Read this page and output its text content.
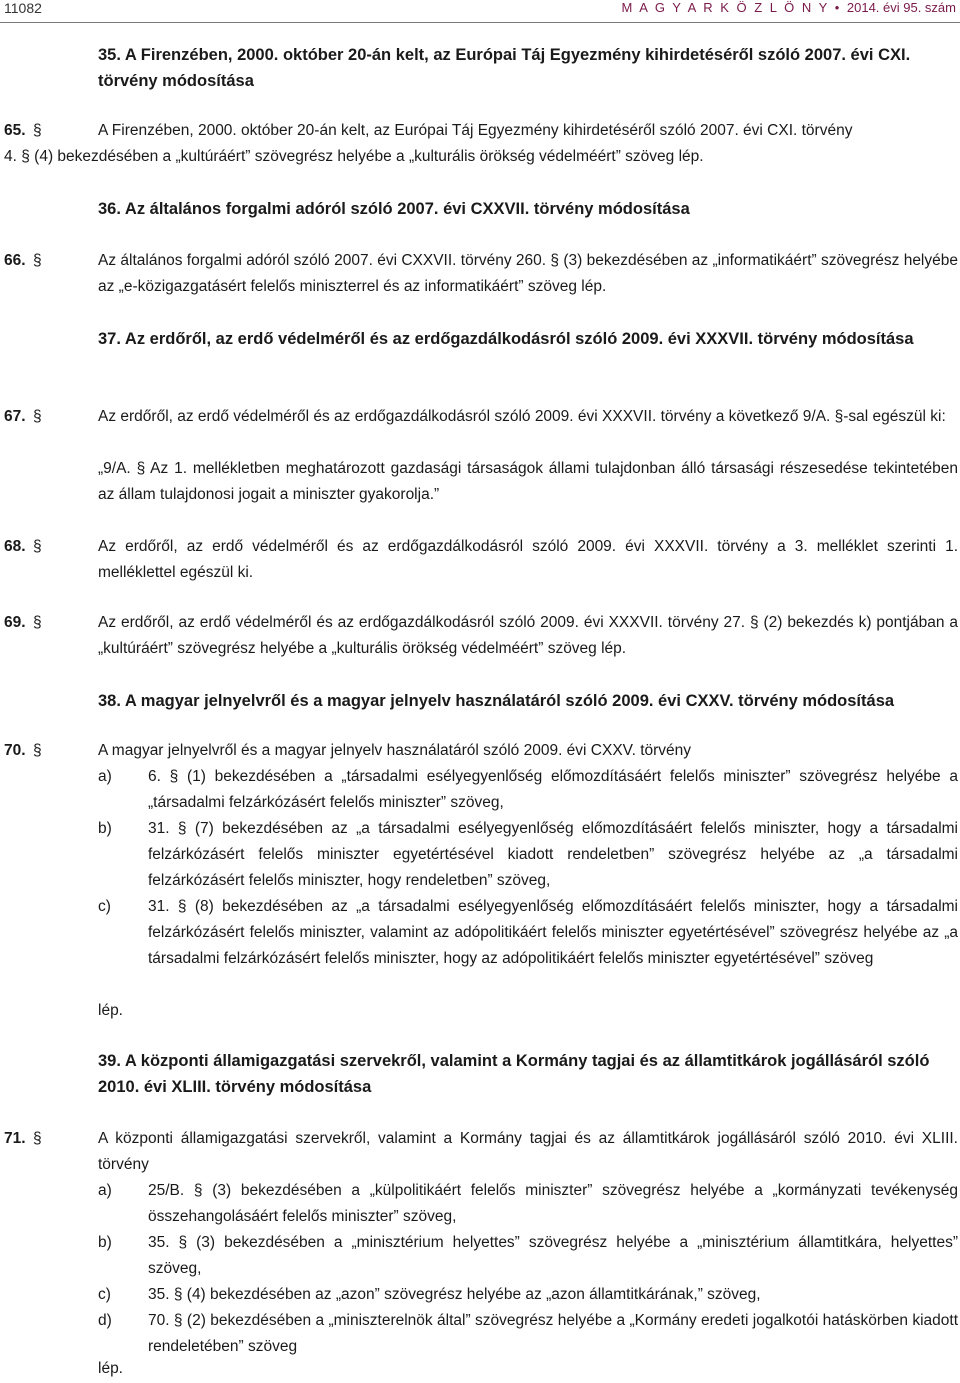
11082	M A G Y A R K Ö Z L Ö N Y • 2014. évi 95. szám
35. A Firenzében, 2000. október 20-án kelt, az Európai Táj Egyezmény kihirdetéséről szóló 2007. évi CXI. törvény módosítása
65. §	A Firenzében, 2000. október 20-án kelt, az Európai Táj Egyezmény kihirdetéséről szóló 2007. évi CXI. törvény

4. § (4) bekezdésében a „kultúráért” szövegrész helyébe a „kulturális örökség védelméért” szöveg lép.

36. Az általános forgalmi adóról szóló 2007. évi CXXVII. törvény módosítása
66. §	Az általános forgalmi adóról szóló 2007. évi CXXVII. törvény 260. § (3) bekezdésében az „informatikáért” szövegrész helyébe az „e-közigazgatásért felelős miniszterrel és az informatikáért” szöveg lép.

37. Az erdőről, az erdő védelméről és az erdőgazdálkodásról szóló 2009. évi XXXVII. törvény módosítása
67. §	Az erdőről, az erdő védelméről és az erdőgazdálkodásról szóló 2009. évi XXXVII. törvény a következő 9/A. §-sal egészül ki:

„9/A. § Az 1. mellékletben meghatározott gazdasági társaságok állami tulajdonban álló társasági részesedése tekintetében az állam tulajdonosi jogait a miniszter gyakorolja.”

68. §	Az erdőről, az erdő védelméről és az erdőgazdálkodásról szóló 2009. évi XXXVII. törvény a 3. melléklet szerinti 1. melléklettel egészül ki.

69. §	Az erdőről, az erdő védelméről és az erdőgazdálkodásról szóló 2009. évi XXXVII. törvény 27. § (2) bekezdés k) pontjában a „kultúráért” szövegrész helyébe a „kulturális örökség védelméért” szöveg lép.

38. A magyar jelnyelvről és a magyar jelnyelv használatáról szóló 2009. évi CXXV. törvény módosítása
70. §	A magyar jelnyelvről és a magyar jelnyelv használatáról szóló 2009. évi CXXV. törvény

a) 6. § (1) bekezdésében a „társadalmi esélyegyenlőség előmozdításáért felelős miniszter” szövegrész helyébe a „társadalmi felzárkózásért felelős miniszter” szöveg,

b) 31. § (7) bekezdésében az „a társadalmi esélyegyenlőség előmozdításáért felelős miniszter, hogy a társadalmi felzárkózásért felelős miniszter egyetértésével kiadott rendeletben” szövegrész helyébe az „a társadalmi felzárkózásért felelős miniszter, hogy rendeletben” szöveg,

c) 31. § (8) bekezdésében az „a társadalmi esélyegyenlőség előmozdításáért felelős miniszter, hogy a társadalmi felzárkózásért felelős miniszter, valamint az adópolitikáért felelős miniszter egyetértésével” szövegrész helyébe az „a társadalmi felzárkózásért felelős miniszter, hogy az adópolitikáért felelős miniszter egyetértésével” szöveg

lép.
39. A központi államigazgatási szervekről, valamint a Kormány tagjai és az államtitkárok jogállásáról szóló 2010. évi XLIII. törvény módosítása
71. §	A központi államigazgatási szervekről, valamint a Kormány tagjai és az államtitkárok jogállásáról szóló 2010. évi XLIII. törvény

a) 25/B. § (3) bekezdésében a „külpolitikáért felelős miniszter” szövegrész helyébe a „kormányzati tevékenység összehangolásáért felelős miniszter” szöveg,

b) 35. § (3) bekezdésében a „minisztérium helyettes” szövegrész helyébe a „minisztérium államtitkára, helyettes” szöveg,

c) 35. § (4) bekezdésében az „azon” szövegrész helyébe az „azon államtitkárának,” szöveg,

d) 70. § (2) bekezdésében a „miniszterelnök által” szövegrész helyébe a „Kormány eredeti jogalkotói hatáskörben kiadott rendeletében” szöveg

lép.
